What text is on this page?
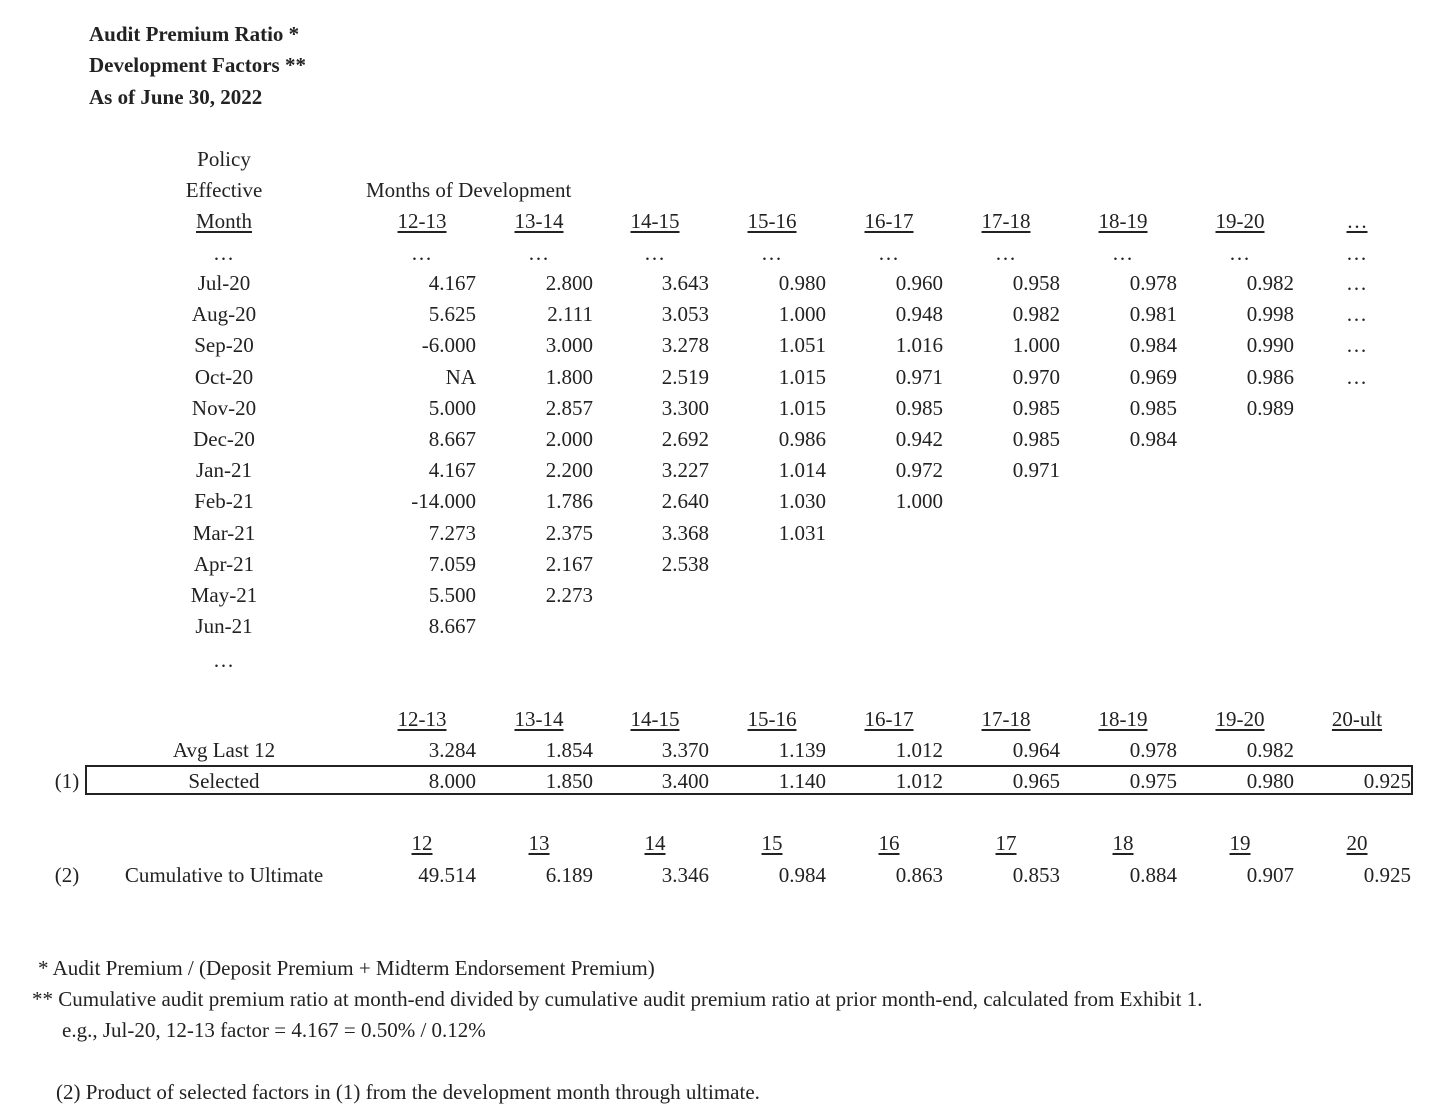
Audit Premium Ratio *
Development Factors **
As of June 30, 2022
Policy
Effective
Month
Months of Development
12-13	13-14	14-15	15-16	16-17	17-18	18-19	19-20	…
…	…	…	…	…	…	…	…	…	…
Jul-20	4.167	2.800	3.643	0.980	0.960	0.958	0.978	0.982 …
Aug-20	5.625	2.111	3.053	1.000	0.948	0.982	0.981	0.998 …
Sep-20	-6.000	3.000	3.278	1.051	1.016	1.000	0.984	0.990 …
Oct-20	NA	1.800	2.519	1.015	0.971	0.970	0.969	0.986 …
Nov-20	5.000	2.857	3.300	1.015	0.985	0.985	0.985	0.989
Dec-20	8.667	2.000	2.692	0.986	0.942	0.985	0.984
Jan-21	4.167	2.200	3.227	1.014	0.972	0.971
Feb-21	-14.000	1.786	2.640	1.030	1.000
Mar-21	7.273	2.375	3.368	1.031
Apr-21	7.059	2.167	2.538
May-21	5.500	2.273
Jun-21	8.667
…
12-13	13-14	14-15	15-16	16-17	17-18	18-19	19-20	20-ult
Avg Last 12	3.284	1.854	3.370	1.139	1.012	0.964	0.978	0.982
(1)	Selected	8.000	1.850	3.400	1.140	1.012	0.965	0.975	0.980	0.925
12	13	14	15	16	17	18	19	20
(2) Cumulative to Ultimate	49.514	6.189	3.346	0.984	0.863	0.853	0.884	0.907	0.925
* Audit Premium / (Deposit Premium + Midterm Endorsement Premium)
** Cumulative audit premium ratio at month-end divided by cumulative audit premium ratio at prior month-end, calculated from Exhibit 1.
e.g., Jul-20, 12-13 factor = 4.167 = 0.50% / 0.12%
(2) Product of selected factors in (1) from the development month through ultimate.
